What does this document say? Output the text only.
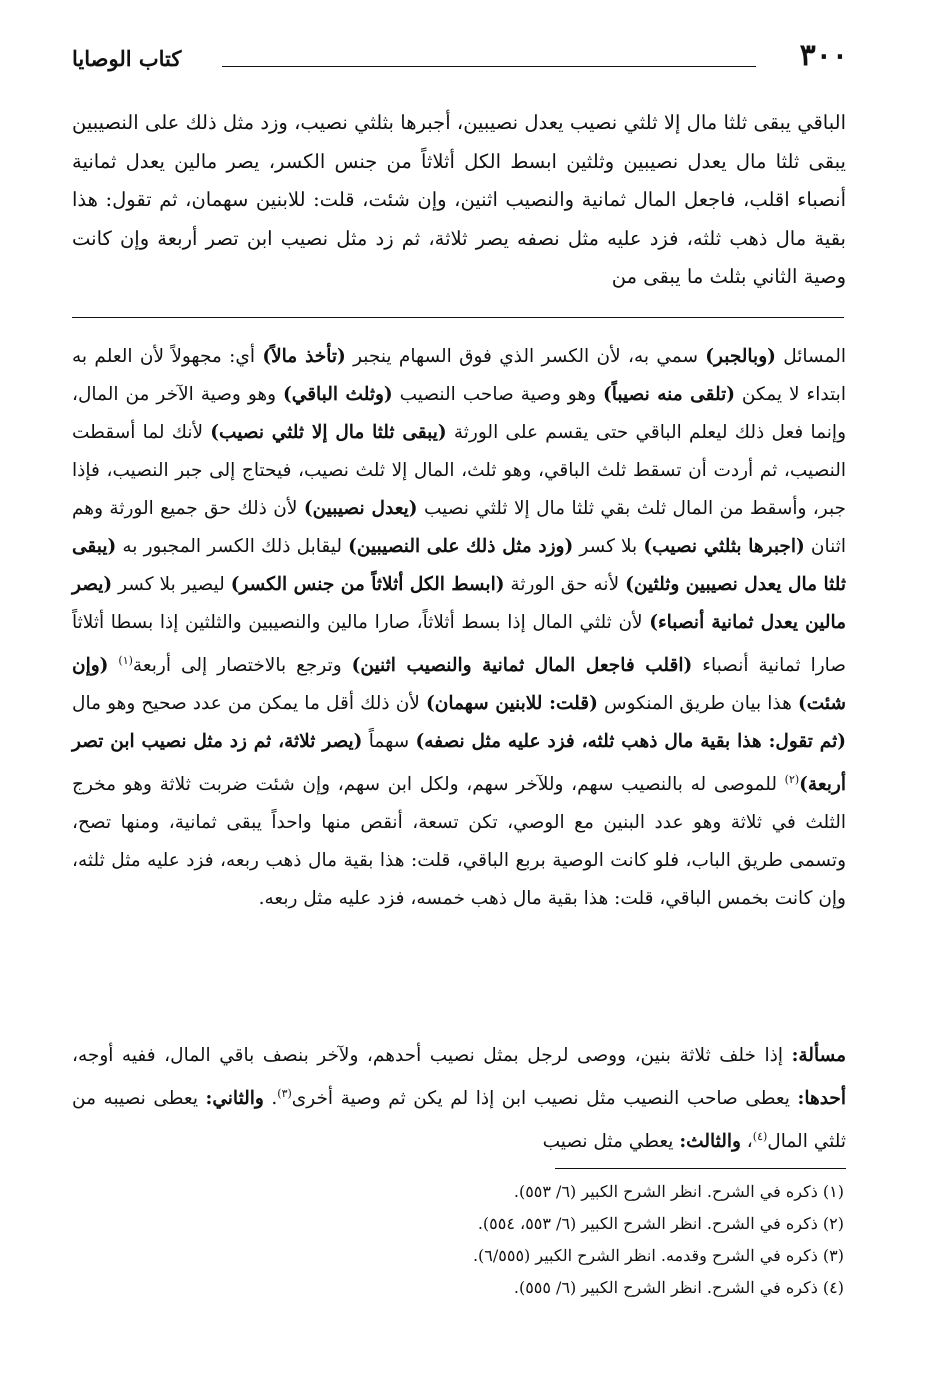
٣٠٠
كتاب الوصايا

الباقي يبقى ثلثا مال إلا ثلثي نصيب يعدل نصيبين، أجبرها بثلثي نصيب، وزد مثل ذلك على النصيبين يبقى ثلثا مال يعدل نصيبين وثلثين ابسط الكل أثلاثاً من جنس الكسر، يصر مالين يعدل ثمانية أنصباء اقلب، فاجعل المال ثمانية والنصيب اثنين، وإن شئت، قلت: للابنين سهمان، ثم تقول: هذا بقية مال ذهب ثلثه، فزد عليه مثل نصفه يصر ثلاثة، ثم زد مثل نصيب ابن تصر أربعة وإن كانت وصية الثاني بثلث ما يبقى من

المسائل (وبالجبر) سمي به، لأن الكسر الذي فوق السهام ينجبر (تأخذ مالاً) أي: مجهولاً لأن العلم به ابتداء لا يمكن (تلقى منه نصيباً) وهو وصية صاحب النصيب (وثلث الباقي) وهو وصية الآخر من المال، وإنما فعل ذلك ليعلم الباقي حتى يقسم على الورثة (يبقى ثلثا مال إلا ثلثي نصيب) لأنك لما أسقطت النصيب، ثم أردت أن تسقط ثلث الباقي، وهو ثلث، المال إلا ثلث نصيب، فيحتاج إلى جبر النصيب، فإذا جبر، وأسقط من المال ثلث بقي ثلثا مال إلا ثلثي نصيب (يعدل نصيبين) لأن ذلك حق جميع الورثة وهم اثنان (اجبرها بثلثي نصيب) بلا كسر (وزد مثل ذلك على النصيبين) ليقابل ذلك الكسر المجبور به (يبقى ثلثا مال يعدل نصيبين وثلثين) لأنه حق الورثة (ابسط الكل أثلاثاً من جنس الكسر) ليصير بلا كسر (يصر مالين يعدل ثمانية أنصباء) لأن ثلثي المال إذا بسط أثلاثاً، صارا مالين والنصيبين والثلثين إذا بسطا أثلاثاً صارا ثمانية أنصباء (اقلب فاجعل المال ثمانية والنصيب اثنين) وترجع بالاختصار إلى أربعة$^{(١)}$ (وإن شئت) هذا بيان طريق المنكوس (قلت: للابنين سهمان) لأن ذلك أقل ما يمكن من عدد صحيح وهو مال (ثم تقول: هذا بقية مال ذهب ثلثه، فزد عليه مثل نصفه) سهماً (يصر ثلاثة، ثم زد مثل نصيب ابن تصر أربعة)$^{(٢)}$ للموصى له بالنصيب سهم، وللآخر سهم، ولكل ابن سهم، وإن شئت ضربت ثلاثة وهو مخرج الثلث في ثلاثة وهو عدد البنين مع الوصي، تكن تسعة، أنقص منها واحداً يبقى ثمانية، ومنها تصح، وتسمى طريق الباب، فلو كانت الوصية بربع الباقي، قلت: هذا بقية مال ذهب ربعه، فزد عليه مثل ثلثه، وإن كانت بخمس الباقي، قلت: هذا بقية مال ذهب خمسه، فزد عليه مثل ربعه.

مسألة: إذا خلف ثلاثة بنين، ووصى لرجل بمثل نصيب أحدهم، ولآخر بنصف باقي المال، ففيه أوجه، أحدها: يعطى صاحب النصيب مثل نصيب ابن إذا لم يكن ثم وصية أخرى$^{(٣)}$. والثاني: يعطى نصيبه من ثلثي المال$^{(٤)}$، والثالث: يعطي مثل نصيب

(١) ذكره في الشرح. انظر الشرح الكبير (٦/ ٥٥٣).
(٢) ذكره في الشرح. انظر الشرح الكبير (٦/ ٥٥٣، ٥٥٤).
(٣) ذكره في الشرح وقدمه. انظر الشرح الكبير (٦/٥٥٥).
(٤) ذكره في الشرح. انظر الشرح الكبير (٦/ ٥٥٥).
